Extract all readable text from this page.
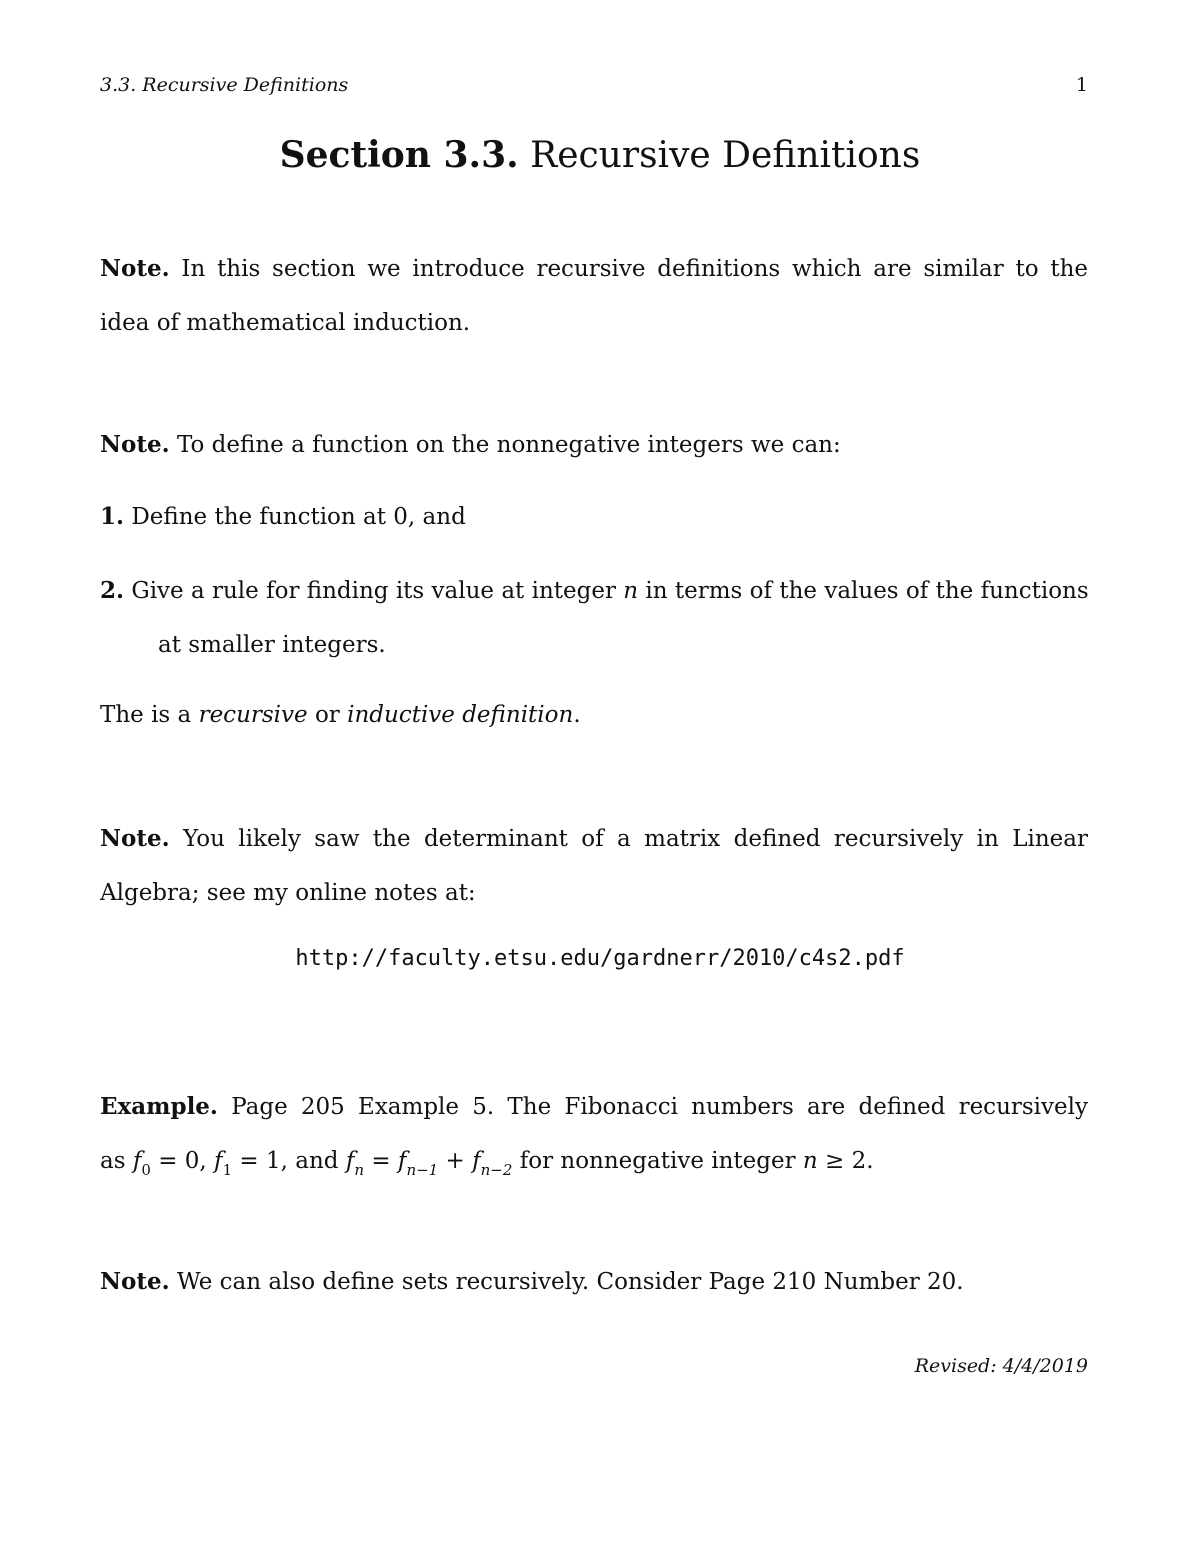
3.3. Recursive Definitions	1
Section 3.3. Recursive Definitions

Note. In this section we introduce recursive definitions which are similar to the
idea of mathematical induction.

Note. To define a function on the nonnegative integers we can:

1. Define the function at 0, and

2. Give a rule for finding its value at integer n in terms of the values of the functions

at smaller integers.

The is a recursive or inductive definition.

Note. You likely saw the determinant of a matrix defined recursively in Linear
Algebra; see my online notes at:

http://faculty.etsu.edu/gardnerr/2010/c4s2.pdf

Example. Page 205 Example 5. The Fibonacci numbers are defined recursively
as $f_0 = 0$, $f_1 = 1$, and $f_n = f_{n-1} + f_{n-2}$ for nonnegative integer n ≥ 2.

Note. We can also define sets recursively. Consider Page 210 Number 20.

Revised: 4/4/2019
